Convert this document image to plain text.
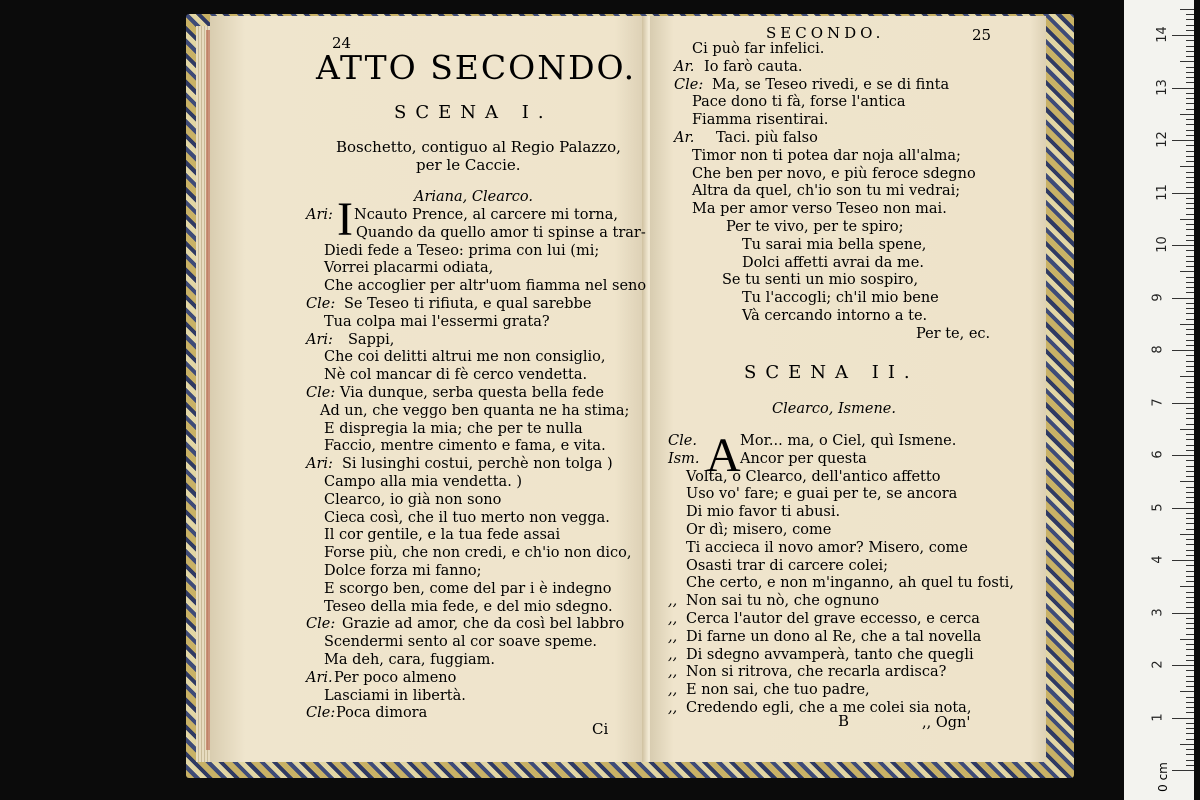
24
ATTO SECONDO.
SCENA I.
Boschetto, contiguo al Regio Palazzo,
per le Caccie.
Ariana, Clearco.
I
Ari: Ncauto Prence, al carcere mi torna,
Quando da quello amor ti spinse a trar-
Diedi fede a Teseo: prima con lui (mi;
Vorrei placarmi odiata,
Che accoglier per altr'uom fiamma nel seno
Cle: Se Teseo ti rifiuta, e qual sarebbe
Tua colpa mai l'essermi grata?
Ari: Sappi,
Che coi delitti altrui me non consiglio,
Nè col mancar di fè cerco vendetta.
Cle: Via dunque, serba questa bella fede
Ad un, che veggo ben quanta ne ha stima;
E dispregia la mia; che per te nulla
Faccio, mentre cimento e fama, e vita.
Ari: Si lusinghi costui, perchè non tolga )
Campo alla mia vendetta. )
Clearco, io già non sono
Cieca così, che il tuo merto non vegga.
Il cor gentile, e la tua fede assai
Forse più, che non credi, e ch'io non dico,
Dolce forza mi fanno;
E scorgo ben, come del par i è indegno
Teseo della mia fede, e del mio sdegno.
Cle: Grazie ad amor, che da così bel labbro
Scendermi sento al cor soave speme.
Ma deh, cara, fuggiam.
Ari. Per poco almeno
Lasciami in libertà.
Cle: Poca dimora
Ci
SECONDO.	25
Ci può far infelici.
Ar. Io farò cauta.
Cle: Ma, se Teseo rivedi, e se di finta
Pace dono ti fà, forse l'antica
Fiamma risentirai.
Ar. Taci. più falso
Timor non ti potea dar noja all'alma;
Che ben per novo, e più feroce sdegno
Altra da quel, ch'io son tu mi vedrai;
Ma per amor verso Teseo non mai.
Per te vivo, per te spiro;
Tu sarai mia bella spene,
Dolci affetti avrai da me.
Se tu senti un mio sospiro,
Tu l'accogli; ch'il mio bene
Và cercando intorno a te.
Per te, ec.
SCENA II.
Clearco, Ismene.
A
Cle.	Mor... ma, o Ciel, quì Ismene.
Ism.	Ancor per questa
Volta, o Clearco, dell'antico affetto
Uso vo' fare; e guai per te, se ancora
Di mio favor ti abusi.
Or dì; misero, come
Ti accieca il novo amor? Misero, come
Osasti trar di carcere colei;
Che certo, e non m'inganno, ah quel tu fosti,
,, Non sai tu nò, che ognuno
,, Cerca l'autor del grave eccesso, e cerca
,, Di farne un dono al Re, che a tal novella
,, Di sdegno avvamperà, tanto che quegli
,, Non si ritrova, che recarla ardisca?
,, E non sai, che tuo padre,
,, Credendo egli, che a me colei sia nota,
B	,, Ogn'	1
2
3
4
5
6
7
8
9
10
11
12
13
14
0 cm
